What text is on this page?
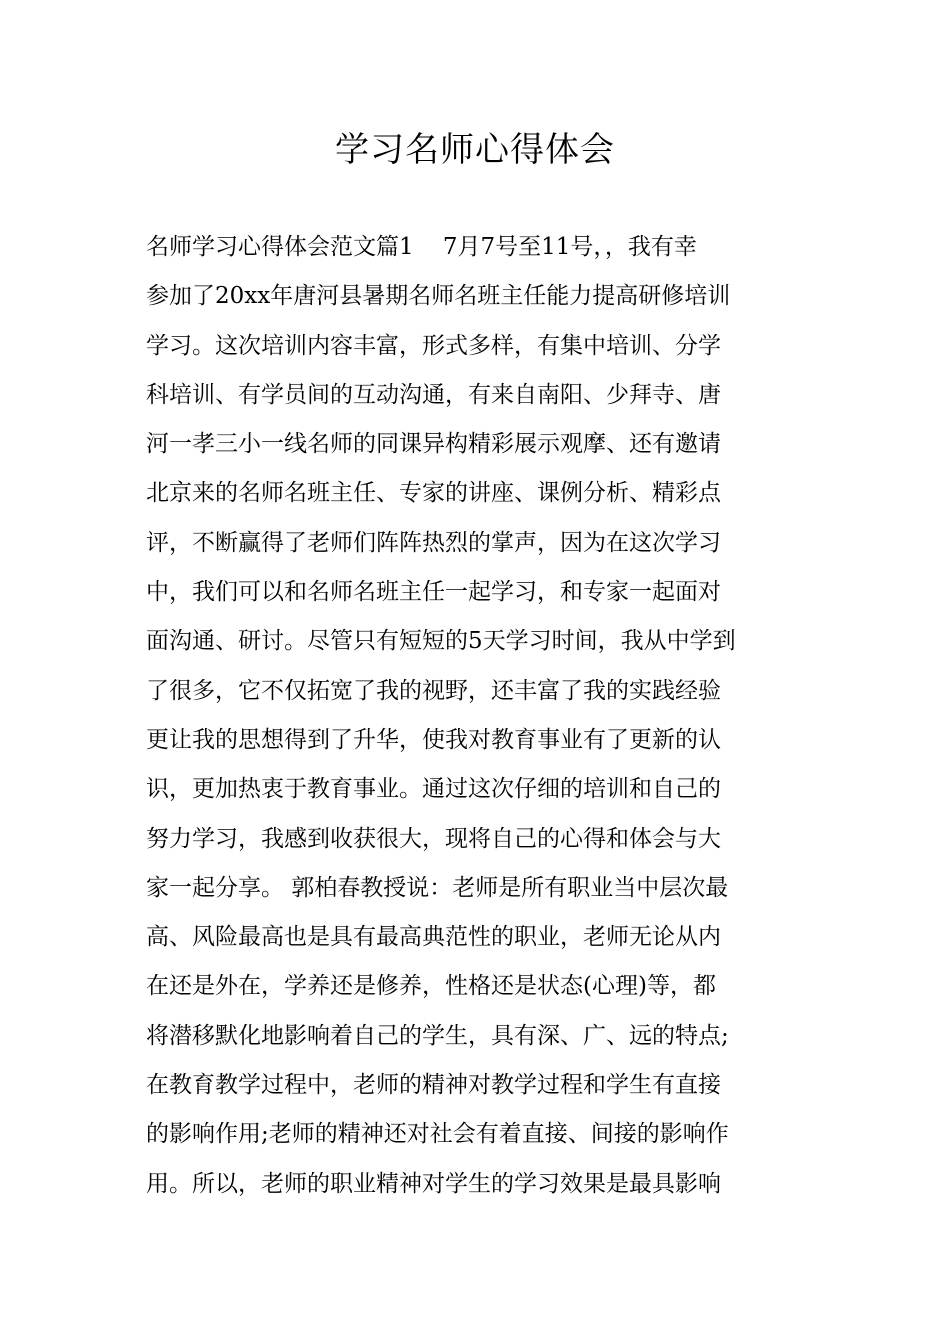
学习名师心得体会
名师学习心得体会范文篇1    7月7号至11号，，我有幸
参加了20xx年唐河县暑期名师名班主任能力提高研修培训
学习。这次培训内容丰富，形式多样，有集中培训、分学
科培训、有学员间的互动沟通，有来自南阳、少拜寺、唐
河一孝三小一线名师的同课异构精彩展示观摩、还有邀请
北京来的名师名班主任、专家的讲座、课例分析、精彩点
评，不断赢得了老师们阵阵热烈的掌声，因为在这次学习
中，我们可以和名师名班主任一起学习，和专家一起面对
面沟通、研讨。尽管只有短短的5天学习时间，我从中学到
了很多，它不仅拓宽了我的视野，还丰富了我的实践经验
更让我的思想得到了升华，使我对教育事业有了更新的认
识，更加热衷于教育事业。通过这次仔细的培训和自己的
努力学习，我感到收获很大，现将自己的心得和体会与大
家一起分享。 郭柏春教授说：老师是所有职业当中层次最
高、风险最高也是具有最高典范性的职业，老师无论从内
在还是外在，学养还是修养，性格还是状态(心理)等，都
将潜移默化地影响着自己的学生，具有深、广、远的特点;
在教育教学过程中，老师的精神对教学过程和学生有直接
的影响作用;老师的精神还对社会有着直接、间接的影响作
用。所以，老师的职业精神对学生的学习效果是最具影响
